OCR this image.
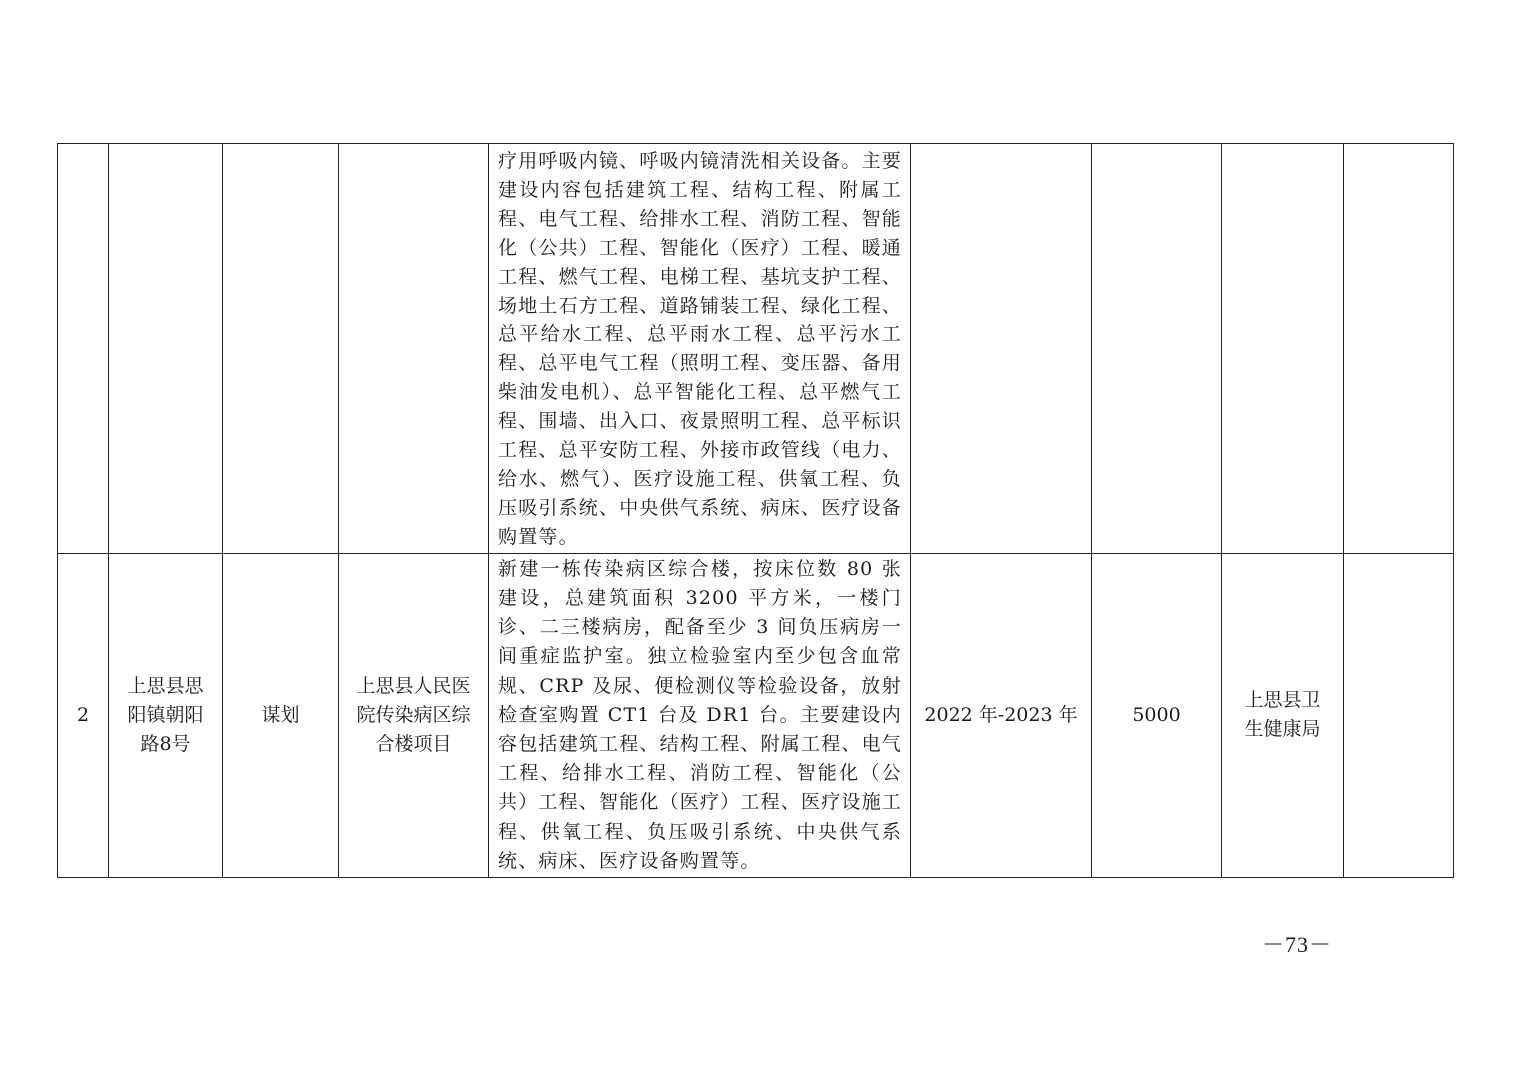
				疗用呼吸内镜、呼吸内镜清洗相关设备。主要建设内容包括建筑工程、结构工程、附属工程、电气工程、给排水工程、消防工程、智能化（公共）工程、智能化（医疗）工程、暖通工程、燃气工程、电梯工程、基坑支护工程、场地土石方工程、道路铺装工程、绿化工程、总平给水工程、总平雨水工程、总平污水工程、总平电气工程（照明工程、变压器、备用柴油发电机）、总平智能化工程、总平燃气工程、围墙、出入口、夜景照明工程、总平标识工程、总平安防工程、外接市政管线（电力、给水、燃气）、医疗设施工程、供氧工程、负压吸引系统、中央供气系统、病床、医疗设备购置等。				
2	上思县思阳镇朝阳路8号	谋划	上思县人民医院传染病区综合楼项目	新建一栋传染病区综合楼，按床位数 80 张建设，总建筑面积 3200 平方米，一楼门诊、二三楼病房，配备至少 3 间负压病房一间重症监护室。独立检验室内至少包含血常规、CRP 及尿、便检测仪等检验设备，放射检查室购置 CT1 台及 DR1 台。主要建设内容包括建筑工程、结构工程、附属工程、电气工程、给排水工程、消防工程、智能化（公共）工程、智能化（医疗）工程、医疗设施工程、供氧工程、负压吸引系统、中央供气系统、病床、医疗设备购置等。	2022 年-2023 年	5000	上思县卫生健康局	
－73－
